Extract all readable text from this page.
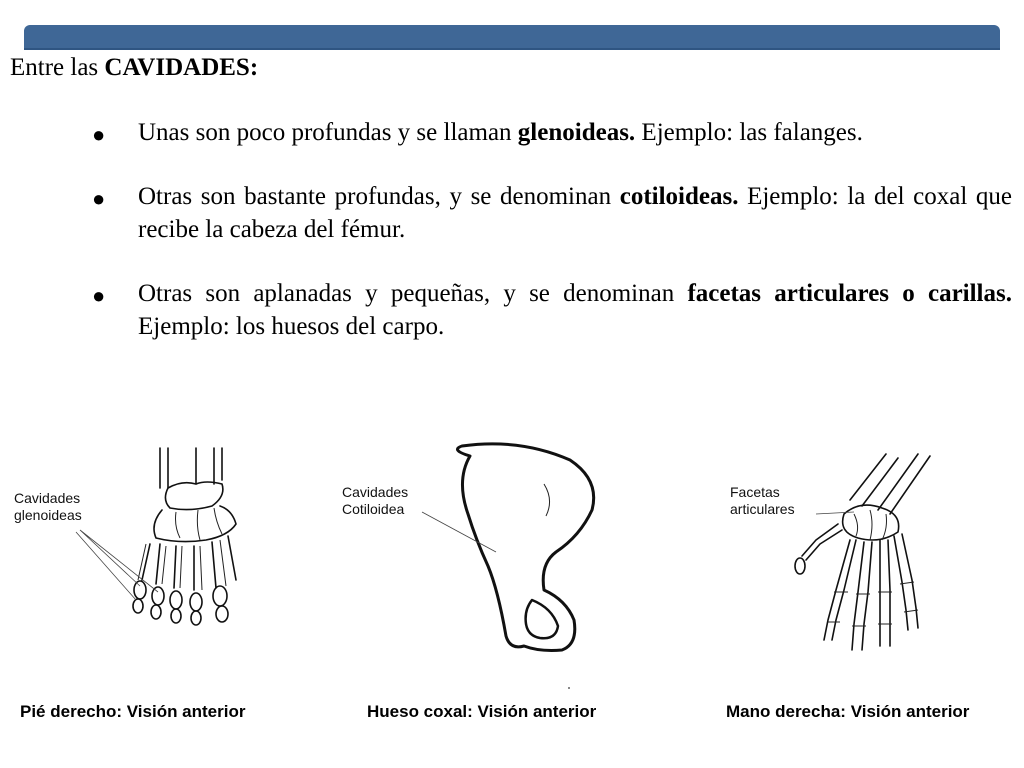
Entre las CAVIDADES:
● Unas son poco profundas y se llaman glenoideas. Ejemplo: las falanges.
● Otras son bastante profundas, y se denominan cotiloideas. Ejemplo: la del coxal que recibe la cabeza del fémur.
● Otras son aplanadas y pequeñas, y se denominan facetas articulares o carillas. Ejemplo: los huesos del carpo.
Cavidades
glenoideas
Cavidades
Cotiloidea
Facetas
articulares
Pié derecho: Visión anterior	Hueso coxal: Visión anterior	Mano derecha: Visión anterior
